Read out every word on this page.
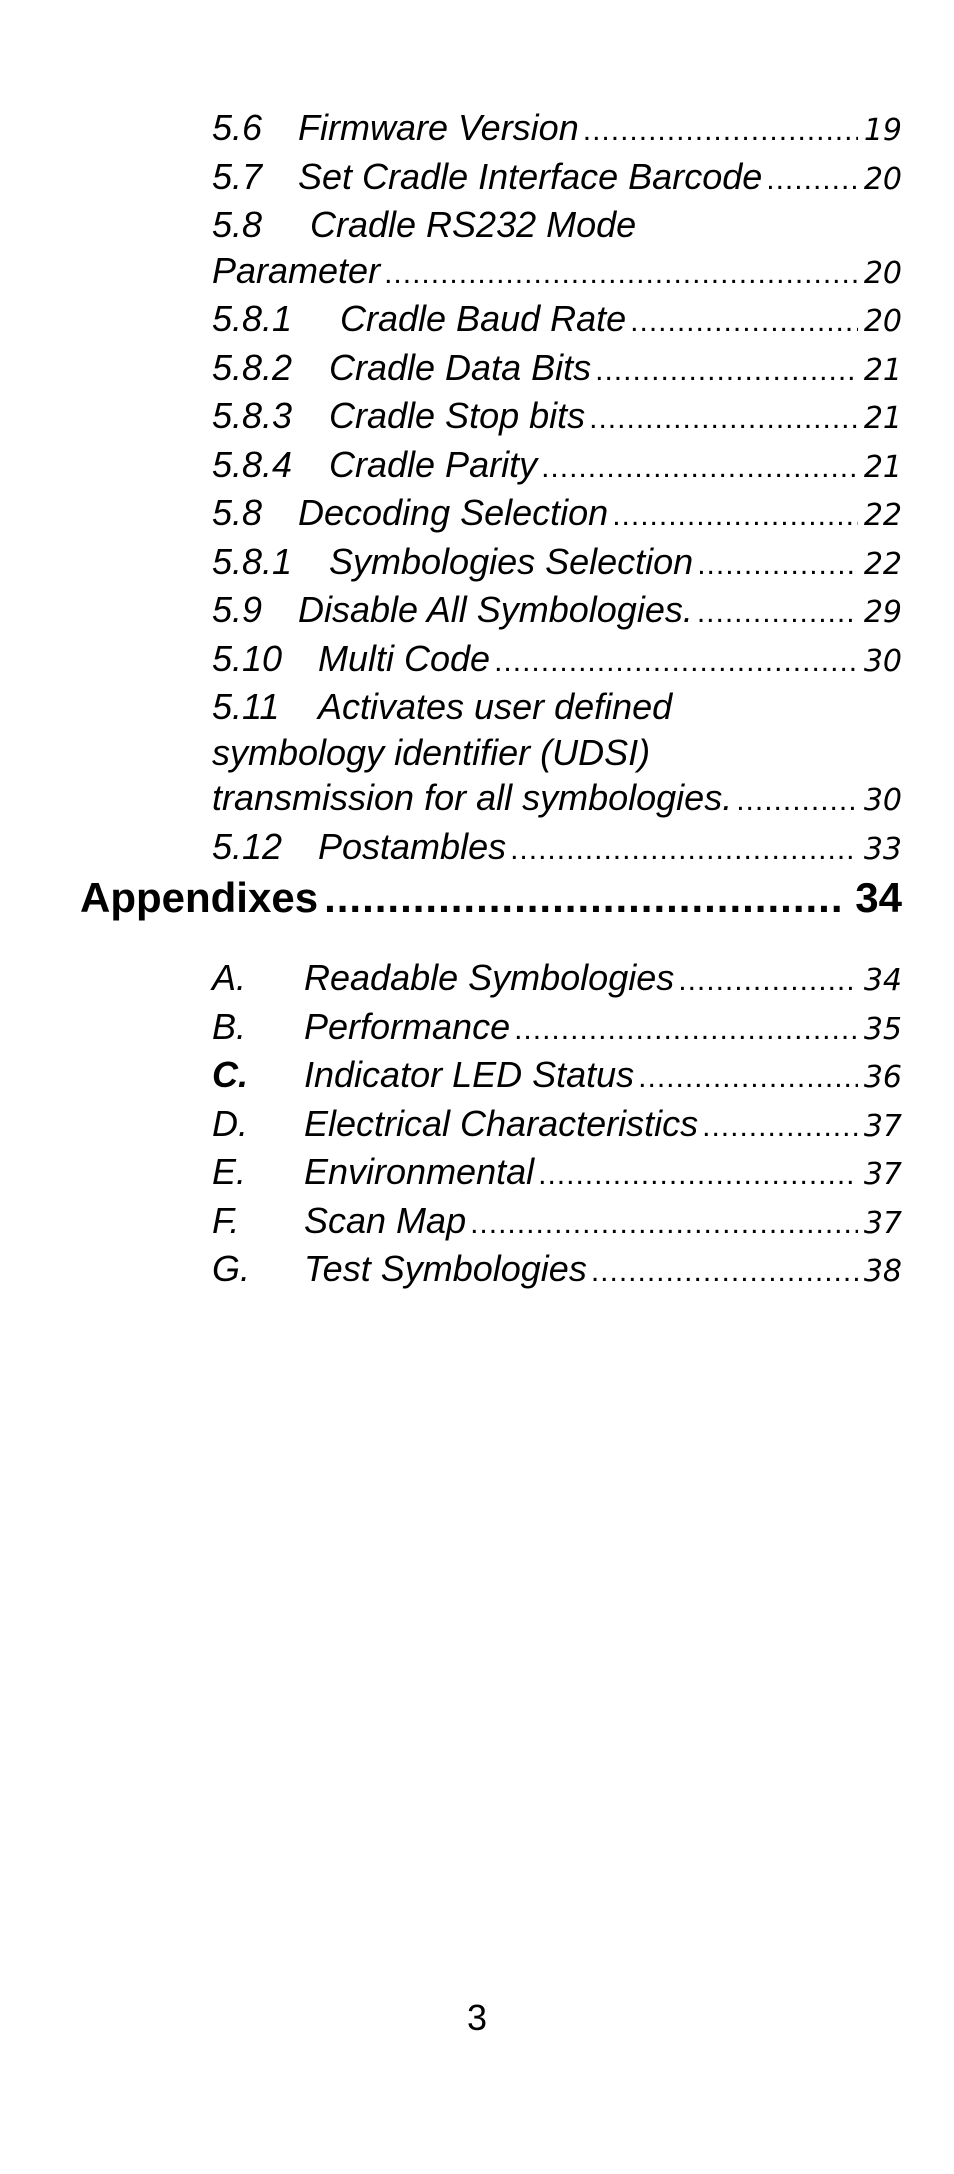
5.6 Firmware Version .....	19
5.7 Set Cradle Interface Barcode .....	20
5.8 Cradle RS232 Mode
Parameter .....	20
5.8.1	Cradle Baud Rate .....	20
5.8.2	Cradle Data Bits .....	21
5.8.3	Cradle Stop bits .....	21
5.8.4	Cradle Parity .....	21
5.8 Decoding Selection .....	22
5.8.1	Symbologies Selection .....	22
5.9 Disable All Symbologies. .....	29
5.10 Multi Code .....	30
5.11 Activates user defined
symbology identifier (UDSI)
transmission for all symbologies. .....	30
5.12 Postambles .....	33
Appendixes .....	34
A.	Readable Symbologies .....	34
B.	Performance .....	35
C.	Indicator LED Status .....	36
D.	Electrical Characteristics .....	37
E.	Environmental .....	37
F.	Scan Map .....	37
G.	Test Symbologies .....	38
3
